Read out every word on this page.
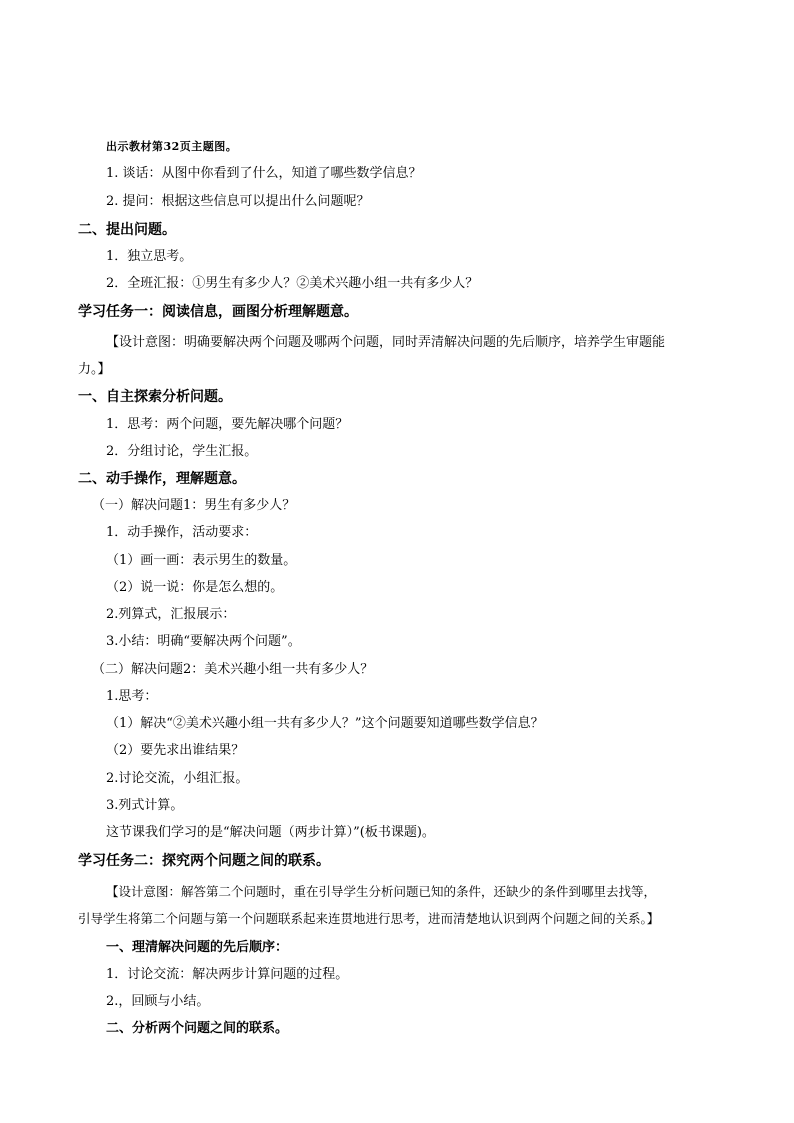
出示教材第32页主题图。
1. 谈话：从图中你看到了什么，知道了哪些数学信息？
2. 提问：根据这些信息可以提出什么问题呢？
二、提出问题。
1．独立思考。
2．全班汇报：①男生有多少人？②美术兴趣小组一共有多少人？
学习任务一：阅读信息，画图分析理解题意。
【设计意图：明确要解决两个问题及哪两个问题，同时弄清解决问题的先后顺序，培养学生审题能
力。】
一、自主探索分析问题。
1．思考：两个问题，要先解决哪个问题？
2．分组讨论，学生汇报。
二、动手操作，理解题意。
（一）解决问题1：男生有多少人？
1．动手操作，活动要求：
（1）画一画：表示男生的数量。
（2）说一说：你是怎么想的。
2.列算式，汇报展示：
3.小结：明确“要解决两个问题”。
（二）解决问题2：美术兴趣小组一共有多少人？
1.思考：
（1）解决“②美术兴趣小组一共有多少人？”这个问题要知道哪些数学信息？
（2）要先求出谁结果？
2.讨论交流，小组汇报。
3.列式计算。
这节课我们学习的是“解决问题（两步计算）”(板书课题)。
学习任务二：探究两个问题之间的联系。
【设计意图：解答第二个问题时，重在引导学生分析问题已知的条件，还缺少的条件到哪里去找等，
引导学生将第二个问题与第一个问题联系起来连贯地进行思考，进而清楚地认识到两个问题之间的关系。】
一、理清解决问题的先后顺序：
1．讨论交流：解决两步计算问题的过程。
2.，回顾与小结。
二、分析两个问题之间的联系。
